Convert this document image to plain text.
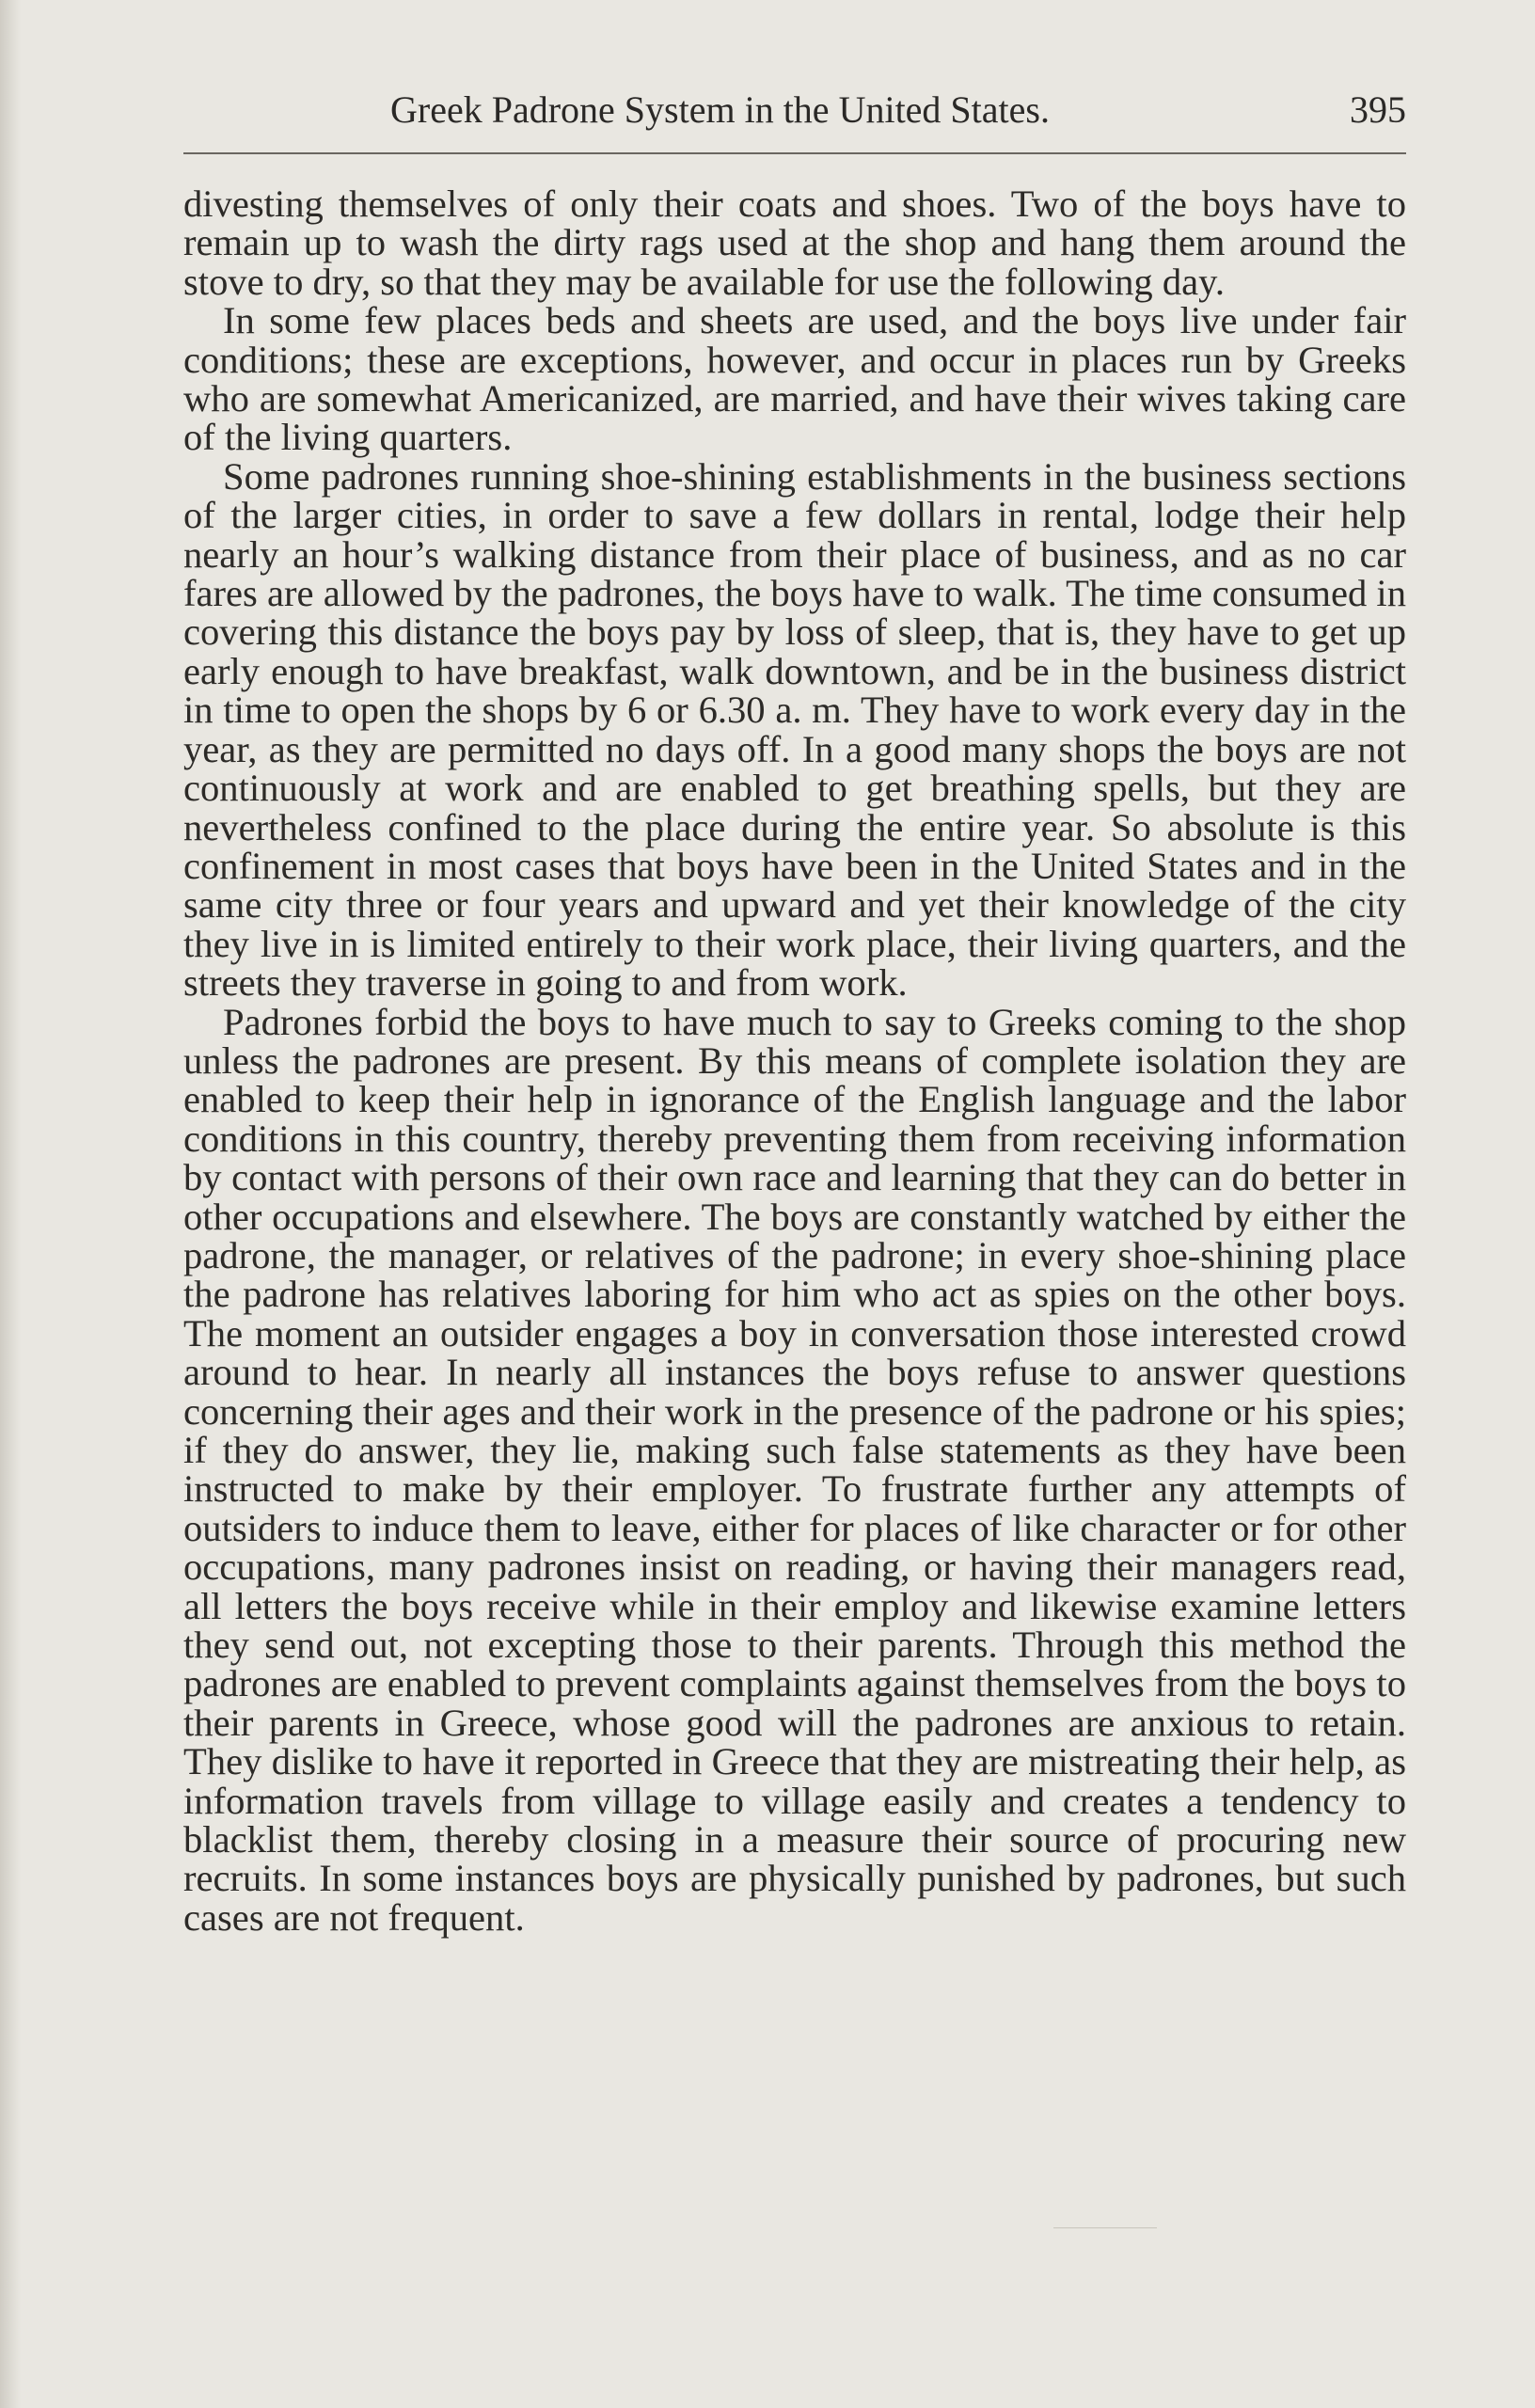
Greek Padrone System in the United States.	395

divesting themselves of only their coats and shoes. Two of the boys have to remain up to wash the dirty rags used at the shop and hang them around the stove to dry, so that they may be available for use the following day.

In some few places beds and sheets are used, and the boys live under fair conditions; these are exceptions, however, and occur in places run by Greeks who are somewhat Americanized, are married, and have their wives taking care of the living quarters.

Some padrones running shoe-shining establishments in the business sections of the larger cities, in order to save a few dollars in rental, lodge their help nearly an hour’s walking distance from their place of business, and as no car fares are allowed by the padrones, the boys have to walk. The time consumed in covering this distance the boys pay by loss of sleep, that is, they have to get up early enough to have breakfast, walk downtown, and be in the business district in time to open the shops by 6 or 6.30 a. m. They have to work every day in the year, as they are permitted no days off. In a good many shops the boys are not continuously at work and are enabled to get breathing spells, but they are nevertheless confined to the place during the entire year. So absolute is this confinement in most cases that boys have been in the United States and in the same city three or four years and upward and yet their knowledge of the city they live in is limited entirely to their work place, their living quarters, and the streets they traverse in going to and from work.

Padrones forbid the boys to have much to say to Greeks coming to the shop unless the padrones are present. By this means of complete isolation they are enabled to keep their help in ignorance of the English language and the labor conditions in this country, thereby preventing them from receiving information by contact with persons of their own race and learning that they can do better in other occupations and elsewhere. The boys are constantly watched by either the padrone, the manager, or relatives of the padrone; in every shoe-shining place the padrone has relatives laboring for him who act as spies on the other boys. The moment an outsider engages a boy in conversation those interested crowd around to hear. In nearly all instances the boys refuse to answer questions concerning their ages and their work in the presence of the padrone or his spies; if they do answer, they lie, making such false statements as they have been instructed to make by their employer. To frustrate further any attempts of outsiders to induce them to leave, either for places of like character or for other occupations, many padrones insist on reading, or having their managers read, all letters the boys receive while in their employ and likewise examine letters they send out, not excepting those to their parents. Through this method the padrones are enabled to prevent complaints against themselves from the boys to their parents in Greece, whose good will the padrones are anxious to retain. They dislike to have it reported in Greece that they are mistreating their help, as information travels from village to village easily and creates a tendency to blacklist them, thereby closing in a measure their source of procuring new recruits. In some instances boys are physically punished by padrones, but such cases are not frequent.
